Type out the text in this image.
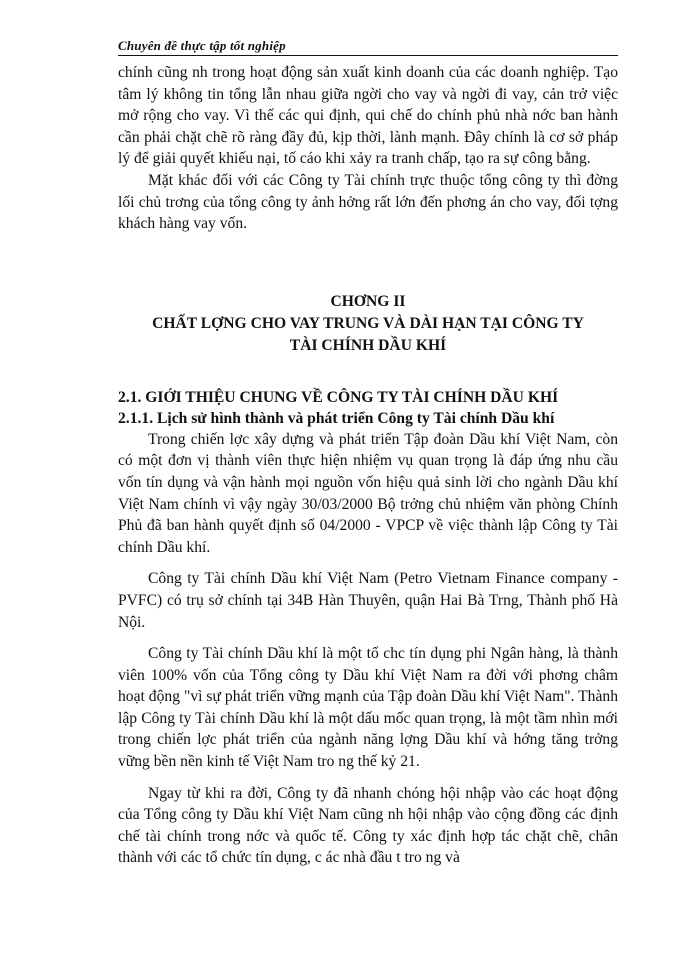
Chuyên đề thực tập tốt nghiệp

chính cũng nh trong hoạt động sản xuất kinh doanh của các doanh nghiệp. Tạo tâm lý không tin tổng lẫn nhau giữa ngời cho vay và ngời đi vay, cản trở việc mở rộng cho vay. Vì thế các qui định, qui chế do chính phủ nhà nớc ban hành cần phải chặt chẽ rõ ràng đầy đủ, kịp thời, lành mạnh. Đây chính là cơ sở pháp lý để giải quyết khiếu nại, tố cáo khi xảy ra tranh chấp, tạo ra sự công bằng.

Mặt khác đối với các Công ty Tài chính trực thuộc tổng công ty thì đờng lối chủ trơng của tổng công ty ảnh hởng rất lớn đến phơng án cho vay, đối tợng khách hàng vay vốn.

CHƠNG II
CHẤT LỢNG CHO VAY TRUNG VÀ DÀI HẠN TẠI CÔNG TY
TÀI CHÍNH DẦU KHÍ
2.1. GIỚI THIỆU CHUNG VỀ CÔNG TY TÀI CHÍNH DẦU KHÍ
2.1.1. Lịch sử hình thành và phát triển Công ty Tài chính Dầu khí

Trong chiến lợc xây dựng và phát triển Tập đoàn Dầu khí Việt Nam, còn có một đơn vị thành viên thực hiện nhiệm vụ quan trọng là đáp ứng nhu cầu vốn tín dụng và vận hành mọi nguồn vốn hiệu quả sinh lời cho ngành Dầu khí Việt Nam chính vì vậy ngày 30/03/2000 Bộ trởng chủ nhiệm văn phòng Chính Phủ đã ban hành quyết định số 04/2000 - VPCP về việc thành lập Công ty Tài chính Dầu khí.

Công ty Tài chính Dầu khí Việt Nam (Petro Vietnam Finance company - PVFC) có trụ sở chính tại 34B Hàn Thuyên, quận Hai Bà Trng, Thành phố Hà Nội.

Công ty Tài chính Dầu khí là một tổ chc tín dụng phi Ngân hàng, là thành viên 100% vốn của Tổng công ty Dầu khí Việt Nam ra đời với phơng châm hoạt động "vì sự phát triển vững mạnh của Tập đoàn Dầu khí Việt Nam". Thành lập Công ty Tài chính Dầu khí là một dấu mốc quan trọng, là một tầm nhìn mới trong chiến lợc phát triển của ngành năng lợng Dầu khí và hớng tăng trởng vững bền nền kinh tế Việt Nam tro ng thế kỷ 21.

Ngay từ khi ra đời, Công ty đã nhanh chóng hội nhập vào các hoạt động của Tổng công ty Dầu khí Việt Nam cũng nh hội nhập vào cộng đồng các định chế tài chính trong nớc và quốc tế. Công ty xác định hợp tác chặt chẽ, chân thành với các tổ chức tín dụng, c ác nhà đầu t tro ng và
